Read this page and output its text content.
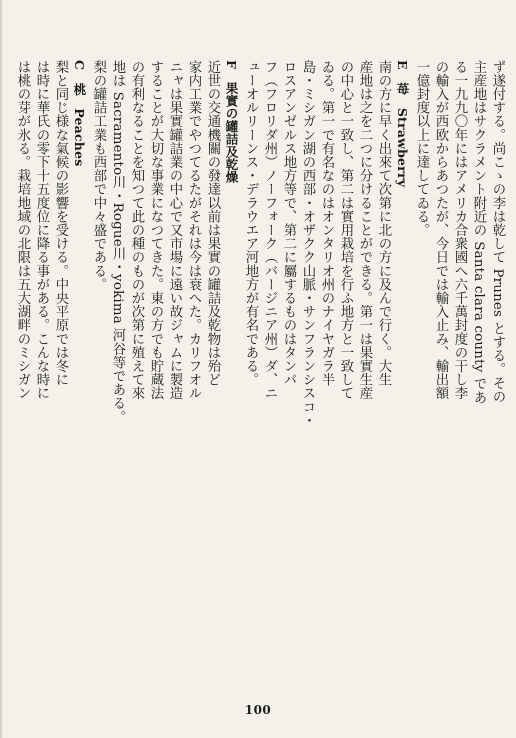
ず遂付する。尚こゝの李は乾して Prunes とする。その
主産地はサクラメント附近の Santa clara county であ
る一九九〇年にはアメリカ合衆國へ六千萬封度の干し李
の輸入が西欧からあつたが、今日では輸入止み、輸出額
一億封度以上に達してゐる。
E　苺　Strawberry
南の方に早く出來て次第に北の方に及んで行く。大生
産地は之を二つに分けることができる。第一は果實生産
の中心と一致し、第二は實用栽培を行ふ地方と一致して
ゐる。第一で有名なのはオンタリオ州のナイヤガラ半
島・ミシガン湖の西部・オザクク山脈・サンフランシスコ・
ロスアンゼルス地方等で、第二に屬するものはタンパ
フ（フロリダ州）ノーフォーク（バージニア州）ダ、ニ
ューオルリーンス・デラウエア河地方が有名である。
F　果實の罐詰及乾燥
近世の交通機關の發達以前は果實の罐詰及乾物は殆ど
家内工業でやつてるたがそれは今は衰へた。カリフオル
ニャは果實罐詰業の中心で又市場に遠い故ジャムに製造
することが大切な事業になつてきた。東の方でも貯蔵法
の有利なることを知つて此の種のものが次第に殖えて來
地は Sacramento川・Rogue川・yokima 河谷等である。
梨の罐詰工業も西部で中々盛である。
C　桃　Peaches
梨と同じ様な氣候の影響を受ける。中央平原では冬に
は時に華氏の零下十五度位に降る事がある。こんな時に
は桃の芽が氷る。栽培地域の北限は五大湖畔のミシガン
100
